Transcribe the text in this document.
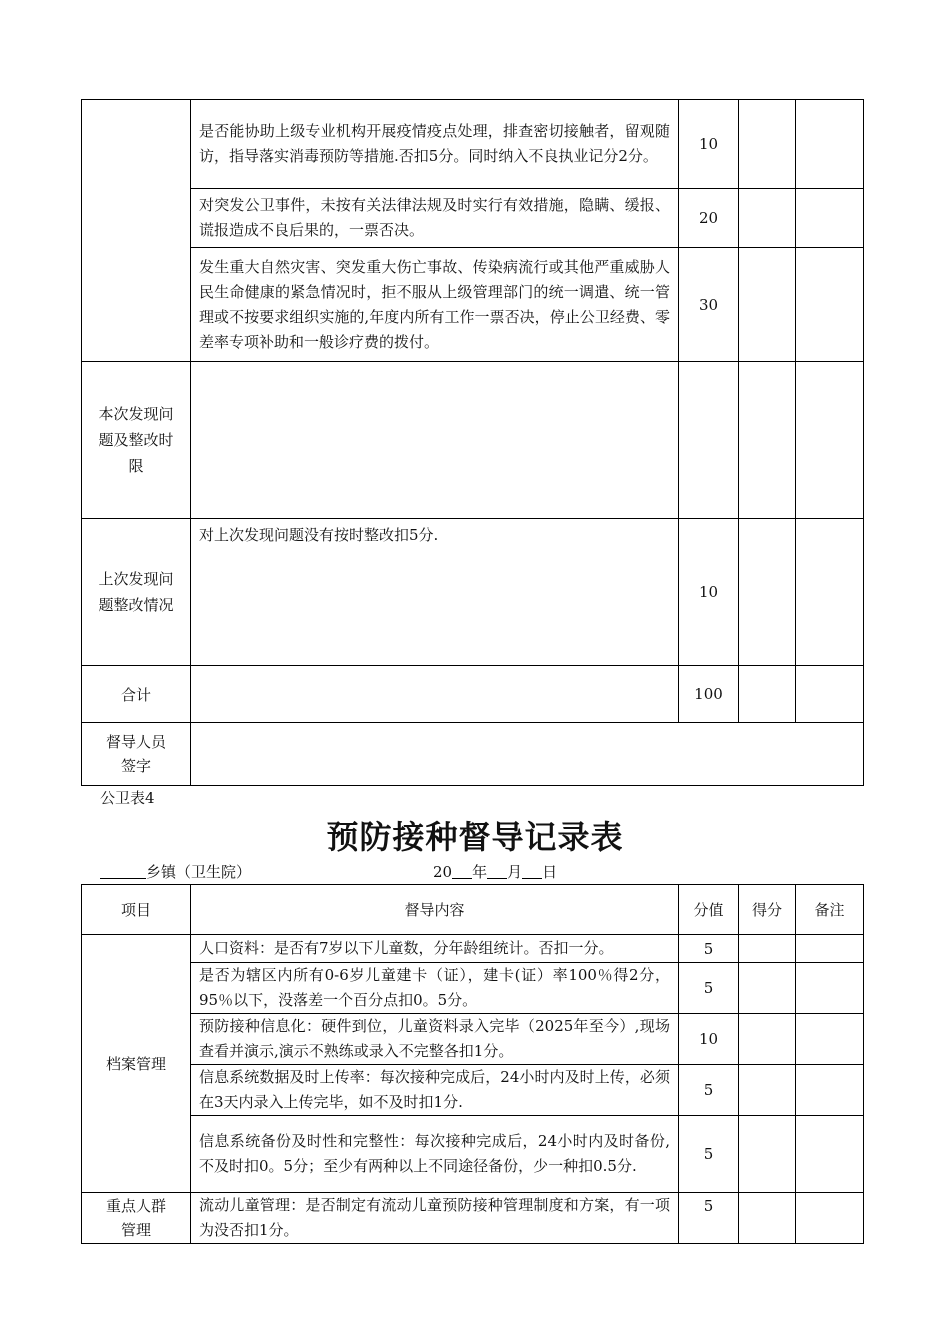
	是否能协助上级专业机构开展疫情疫点处理，排查密切接触者，留观随访，指导落实消毒预防等措施.否扣5分。同时纳入不良执业记分2分。	10		
	对突发公卫事件，未按有关法律法规及时实行有效措施，隐瞒、缓报、谎报造成不良后果的，一票否决。	20		
	发生重大自然灾害、突发重大伤亡事故、传染病流行或其他严重威胁人民生命健康的紧急情况时，拒不服从上级管理部门的统一调遣、统一管理或不按要求组织实施的,年度内所有工作一票否决，停止公卫经费、零差率专项补助和一般诊疗费的拨付。	30		
本次发现问题及整改时限				
上次发现问题整改情况	对上次发现问题没有按时整改扣5分.	10		
合计		100		
督导人员签字				
公卫表4
预防接种督导记录表
乡镇（卫生院）	20 年 月 日
项目	督导内容	分值	得分	备注
档案管理	人口资料：是否有7岁以下儿童数，分年龄组统计。否扣一分。	5		
	是否为辖区内所有0-6岁儿童建卡（证），建卡(证）率100％得2分，95％以下，没落差一个百分点扣0。5分。	5		
	预防接种信息化：硬件到位，儿童资料录入完毕（2025年至今）,现场查看并演示,演示不熟练或录入不完整各扣1分。	10		
	信息系统数据及时上传率：每次接种完成后，24小时内及时上传，必须在3天内录入上传完毕，如不及时扣1分.	5		
	信息系统备份及时性和完整性：每次接种完成后，24小时内及时备份,不及时扣0。5分；至少有两种以上不同途径备份，少一种扣0.5分.	5		
重点人群管理	流动儿童管理：是否制定有流动儿童预防接种管理制度和方案，有一项为没否扣1分。	5		
